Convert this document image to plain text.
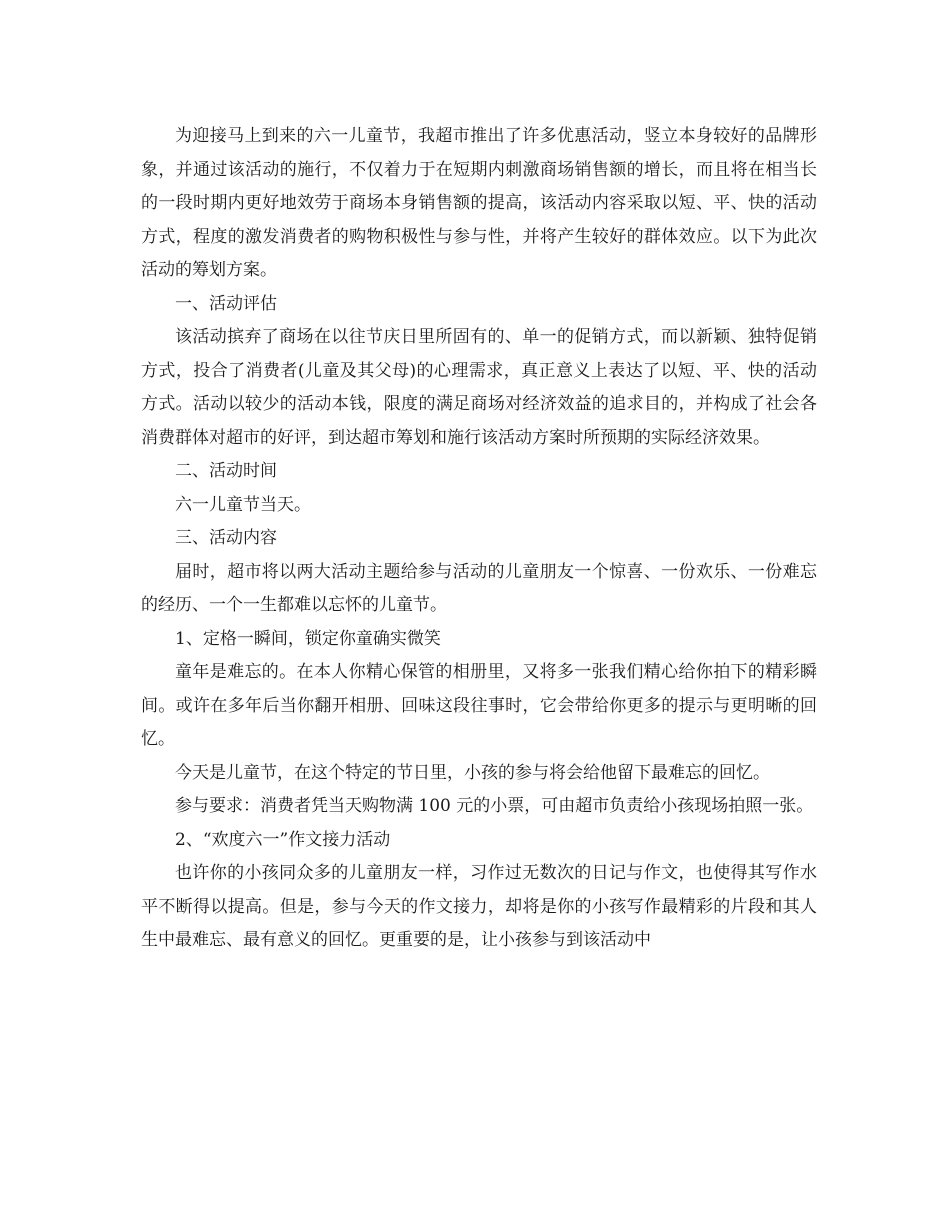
为迎接马上到来的六一儿童节，我超市推出了许多优惠活动，竖立本身较好的品牌形象，并通过该活动的施行，不仅着力于在短期内刺激商场销售额的增长，而且将在相当长的一段时期内更好地效劳于商场本身销售额的提高，该活动内容采取以短、平、快的活动方式，程度的激发消费者的购物积极性与参与性，并将产生较好的群体效应。以下为此次活动的筹划方案。

一、活动评估

该活动摈弃了商场在以往节庆日里所固有的、单一的促销方式，而以新颖、独特促销方式，投合了消费者(儿童及其父母)的心理需求，真正意义上表达了以短、平、快的活动方式。活动以较少的活动本钱，限度的满足商场对经济效益的追求目的，并构成了社会各消费群体对超市的好评，到达超市筹划和施行该活动方案时所预期的实际经济效果。

二、活动时间

六一儿童节当天。

三、活动内容

届时，超市将以两大活动主题给参与活动的儿童朋友一个惊喜、一份欢乐、一份难忘的经历、一个一生都难以忘怀的儿童节。

1、定格一瞬间，锁定你童确实微笑

童年是难忘的。在本人你精心保管的相册里，又将多一张我们精心给你拍下的精彩瞬间。或许在多年后当你翻开相册、回味这段往事时，它会带给你更多的提示与更明晰的回忆。

今天是儿童节，在这个特定的节日里，小孩的参与将会给他留下最难忘的回忆。

参与要求：消费者凭当天购物满 100 元的小票，可由超市负责给小孩现场拍照一张。

2、“欢度六一”作文接力活动

也许你的小孩同众多的儿童朋友一样，习作过无数次的日记与作文，也使得其写作水平不断得以提高。但是，参与今天的作文接力，却将是你的小孩写作最精彩的片段和其人生中最难忘、最有意义的回忆。更重要的是，让小孩参与到该活动中
